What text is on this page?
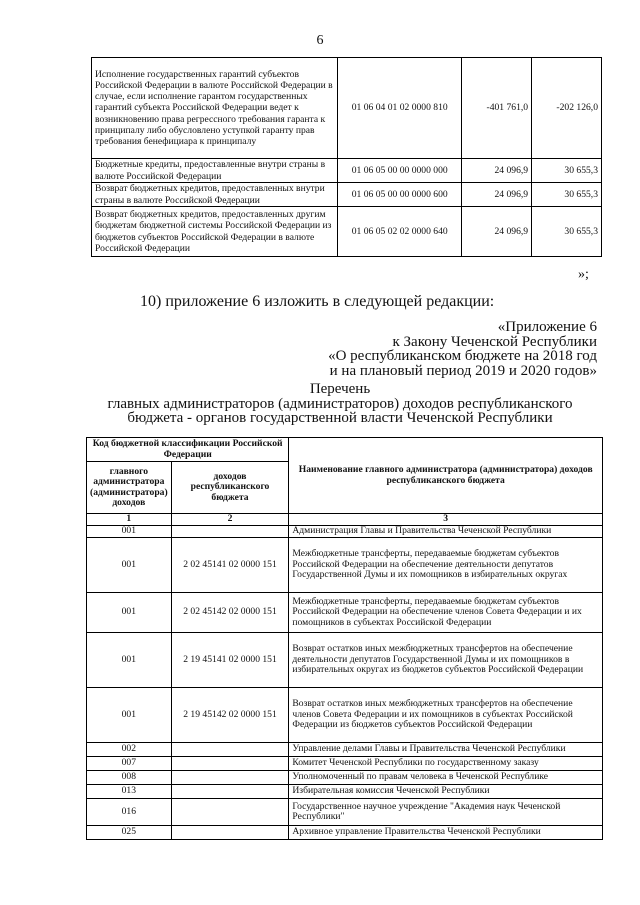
6
Исполнение государственных гарантий субъектов Российской Федерации в валюте Российской Федерации в случае, если исполнение гарантом государственных гарантий субъекта Российской Федерации ведет к возникновению права регрессного требования гаранта к принципалу либо обусловлено уступкой гаранту прав требования бенефициара к принципалу	01 06 04 01 02 0000 810	-401 761,0	-202 126,0
Бюджетные кредиты, предоставленные внутри страны в валюте Российской Федерации	01 06 05 00 00 0000 000	24 096,9	30 655,3
Возврат бюджетных кредитов, предоставленных внутри страны в валюте Российской Федерации	01 06 05 00 00 0000 600	24 096,9	30 655,3
Возврат бюджетных кредитов, предоставленных другим бюджетам бюджетной системы Российской Федерации из бюджетов субъектов Российской Федерации в валюте Российской Федерации	01 06 05 02 02 0000 640	24 096,9	30 655,3
»;
10) приложение 6 изложить в следующей редакции:
«Приложение 6
к Закону Чеченской Республики
«О республиканском бюджете на 2018 год
и на плановый период 2019 и 2020 годов»
Перечень
главных администраторов (администраторов) доходов республиканского
бюджета - органов государственной власти Чеченской Республики
Код бюджетной классификации Российской Федерации		Наименование главного администратора (администратора) доходов республиканского бюджета
главного администратора (администратора) доходов	доходов республиканского бюджета	
1	2	3
001		Администрация Главы и Правительства Чеченской Республики
001	2 02 45141 02 0000 151	Межбюджетные трансферты, передаваемые бюджетам субъектов Российской Федерации на обеспечение деятельности депутатов Государственной Думы и их помощников в избирательных округах
001	2 02 45142 02 0000 151	Межбюджетные трансферты, передаваемые бюджетам субъектов Российской Федерации на обеспечение членов Совета Федерации и их помощников в субъектах Российской Федерации
001	2 19 45141 02 0000 151	Возврат остатков иных межбюджетных трансфертов на обеспечение деятельности депутатов Государственной Думы и их помощников в избирательных округах из бюджетов субъектов Российской Федерации
001	2 19 45142 02 0000 151	Возврат остатков иных межбюджетных трансфертов на обеспечение членов Совета Федерации и их помощников в субъектах Российской Федерации из бюджетов субъектов Российской Федерации
002		Управление делами Главы и Правительства Чеченской Республики
007		Комитет Чеченской Республики по государственному заказу
008		Уполномоченный по правам человека в Чеченской Республике
013		Избирательная комиссия Чеченской Республики
016		Государственное научное учреждение "Академия наук Чеченской Республики"
025		Архивное управление Правительства Чеченской Республики
